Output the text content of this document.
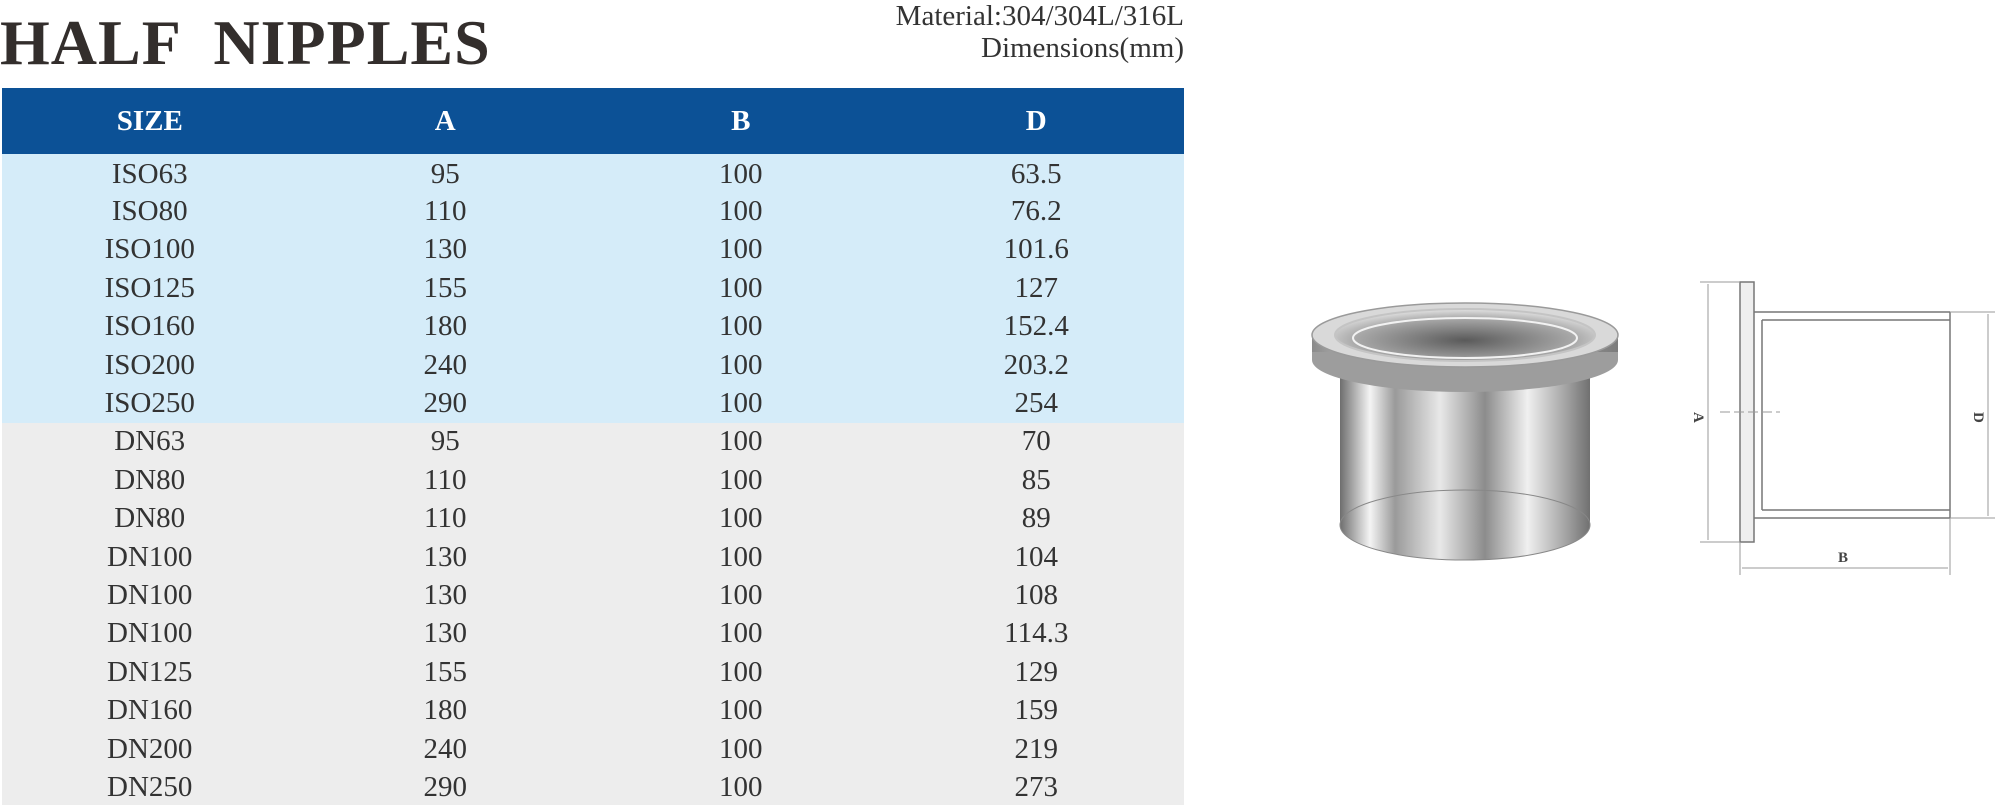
HALF  NIPPLES	Material:304/304L/316L
Dimensions(mm)
SIZE	A	B	D
ISO63	95	100	63.5
ISO80	110	100	76.2
ISO100	130	100	101.6
ISO125	155	100	127
ISO160	180	100	152.4
ISO200	240	100	203.2
ISO250	290	100	254
DN63	95	100	70
DN80	110	100	85
DN80	110	100	89
DN100	130	100	104
DN100	130	100	108
DN100	130	100	114.3
DN125	155	100	129
DN160	180	100	159
DN200	240	100	219
DN250	290	100	273
A	D
B
